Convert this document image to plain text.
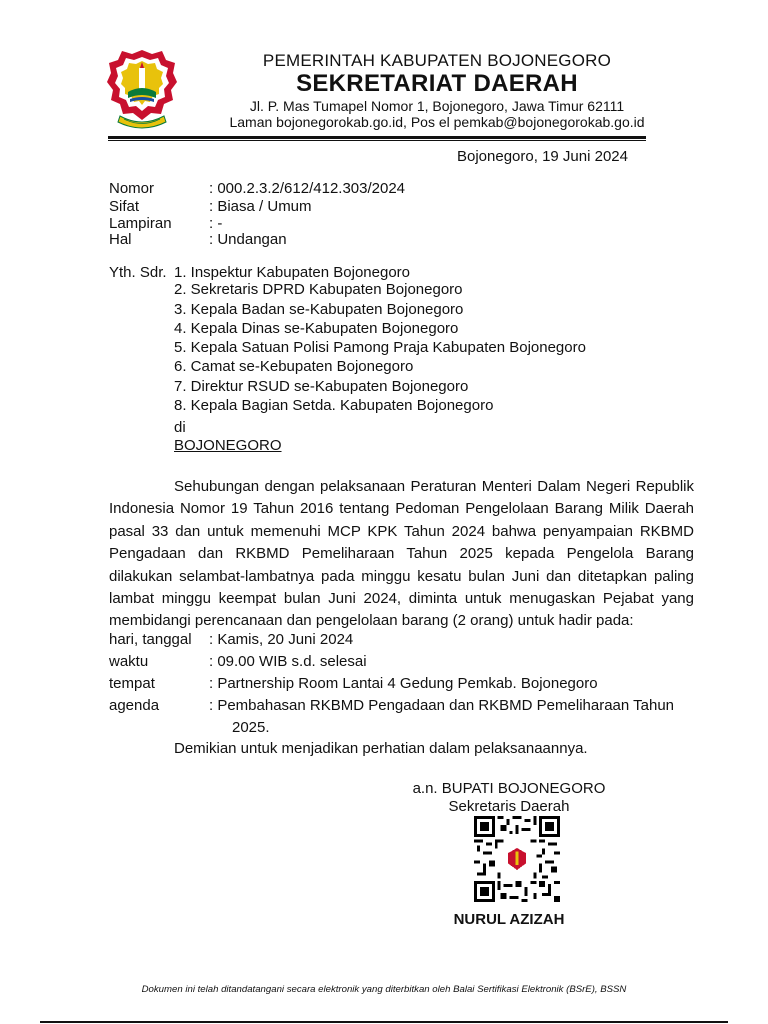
PEMERINTAH KABUPATEN BOJONEGORO
SEKRETARIAT DAERAH
Jl. P. Mas Tumapel Nomor 1, Bojonegoro, Jawa Timur 62111
Laman bojonegorokab.go.id, Pos el pemkab@bojonegorokab.go.id
Bojonegoro, 19 Juni 2024
Nomor	: 000.2.3.2/612/412.303/2024
Sifat	: Biasa / Umum
Lampiran : -
Hal	: Undangan
Yth. Sdr. 1. Inspektur Kabupaten Bojonegoro
2. Sekretaris DPRD Kabupaten Bojonegoro
3. Kepala Badan se-Kabupaten Bojonegoro
4. Kepala Dinas se-Kabupaten Bojonegoro
5. Kepala Satuan Polisi Pamong Praja Kabupaten Bojonegoro
6. Camat se-Kebupaten Bojonegoro
7. Direktur RSUD se-Kabupaten Bojonegoro
8. Kepala Bagian Setda. Kabupaten Bojonegoro
di
BOJONEGORO
Sehubungan dengan pelaksanaan Peraturan Menteri Dalam Negeri Republik Indonesia Nomor 19 Tahun 2016 tentang Pedoman Pengelolaan Barang Milik Daerah pasal 33 dan untuk memenuhi MCP KPK Tahun 2024 bahwa penyampaian RKBMD Pengadaan dan RKBMD Pemeliharaan Tahun 2025 kepada Pengelola Barang dilakukan selambat-lambatnya pada minggu kesatu bulan Juni dan ditetapkan paling lambat minggu keempat bulan Juni 2024, diminta untuk menugaskan Pejabat yang membidangi perencanaan dan pengelolaan barang (2 orang) untuk hadir pada:
hari, tanggal : Kamis, 20 Juni 2024
waktu	: 09.00 WIB s.d. selesai
tempat	: Partnership Room Lantai 4 Gedung Pemkab. Bojonegoro
agenda	: Pembahasan RKBMD Pengadaan dan RKBMD Pemeliharaan Tahun
2025.
Demikian untuk menjadikan perhatian dalam pelaksanaannya.
a.n. BUPATI BOJONEGORO
Sekretaris Daerah
NURUL AZIZAH
Dokumen ini telah ditandatangani secara elektronik yang diterbitkan oleh Balai Sertifikasi Elektronik (BSrE), BSSN
